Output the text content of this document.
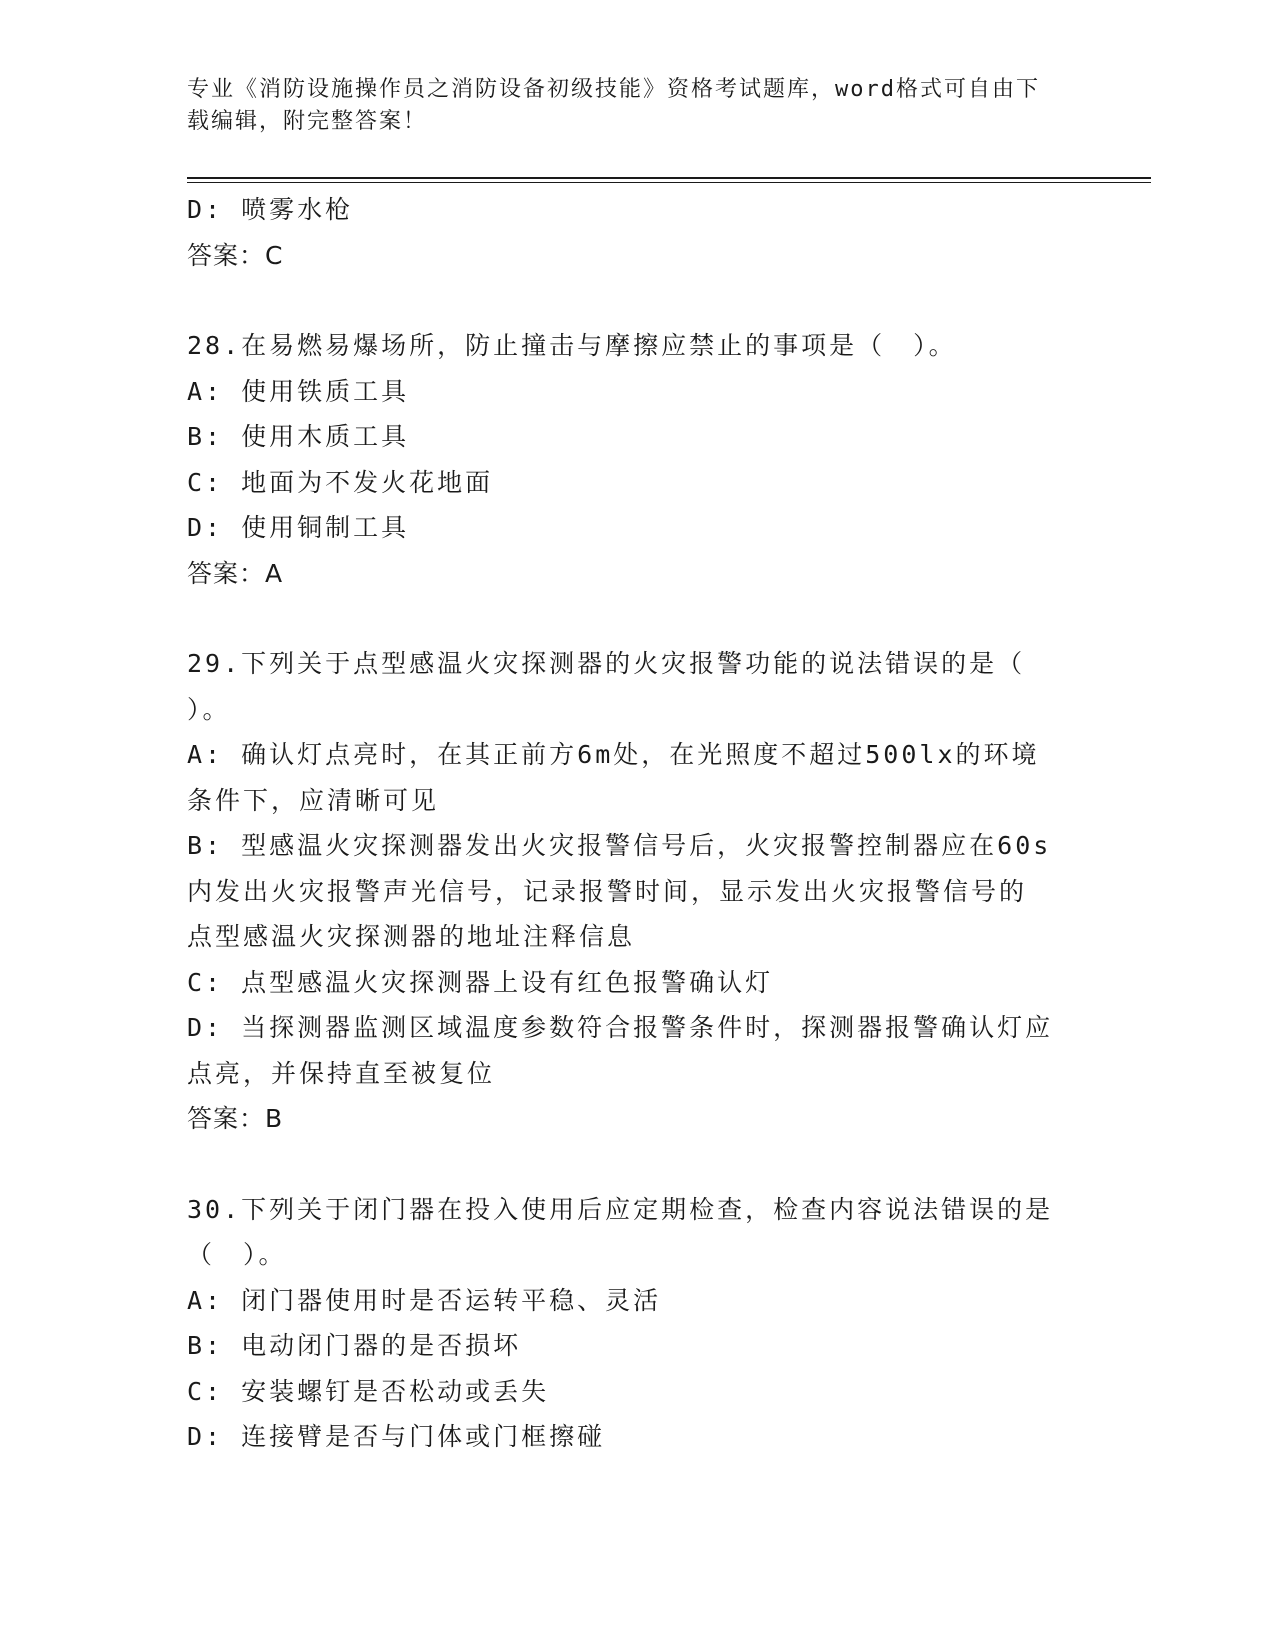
专业《消防设施操作员之消防设备初级技能》资格考试题库，word格式可自由下
载编辑，附完整答案！
D: 喷雾水枪
答案：C
28.在易燃易爆场所，防止撞击与摩擦应禁止的事项是（　）。
A: 使用铁质工具
B: 使用木质工具
C: 地面为不发火花地面
D: 使用铜制工具
答案：A
29.下列关于点型感温火灾探测器的火灾报警功能的说法错误的是（
）。
A: 确认灯点亮时，在其正前方6m处，在光照度不超过500lx的环境
条件下，应清晰可见
B: 型感温火灾探测器发出火灾报警信号后，火灾报警控制器应在60s
内发出火灾报警声光信号，记录报警时间，显示发出火灾报警信号的
点型感温火灾探测器的地址注释信息
C: 点型感温火灾探测器上设有红色报警确认灯
D: 当探测器监测区域温度参数符合报警条件时，探测器报警确认灯应
点亮，并保持直至被复位
答案：B
30.下列关于闭门器在投入使用后应定期检查，检查内容说法错误的是
（　）。
A: 闭门器使用时是否运转平稳、灵活
B: 电动闭门器的是否损坏
C: 安装螺钉是否松动或丢失
D: 连接臂是否与门体或门框擦碰
